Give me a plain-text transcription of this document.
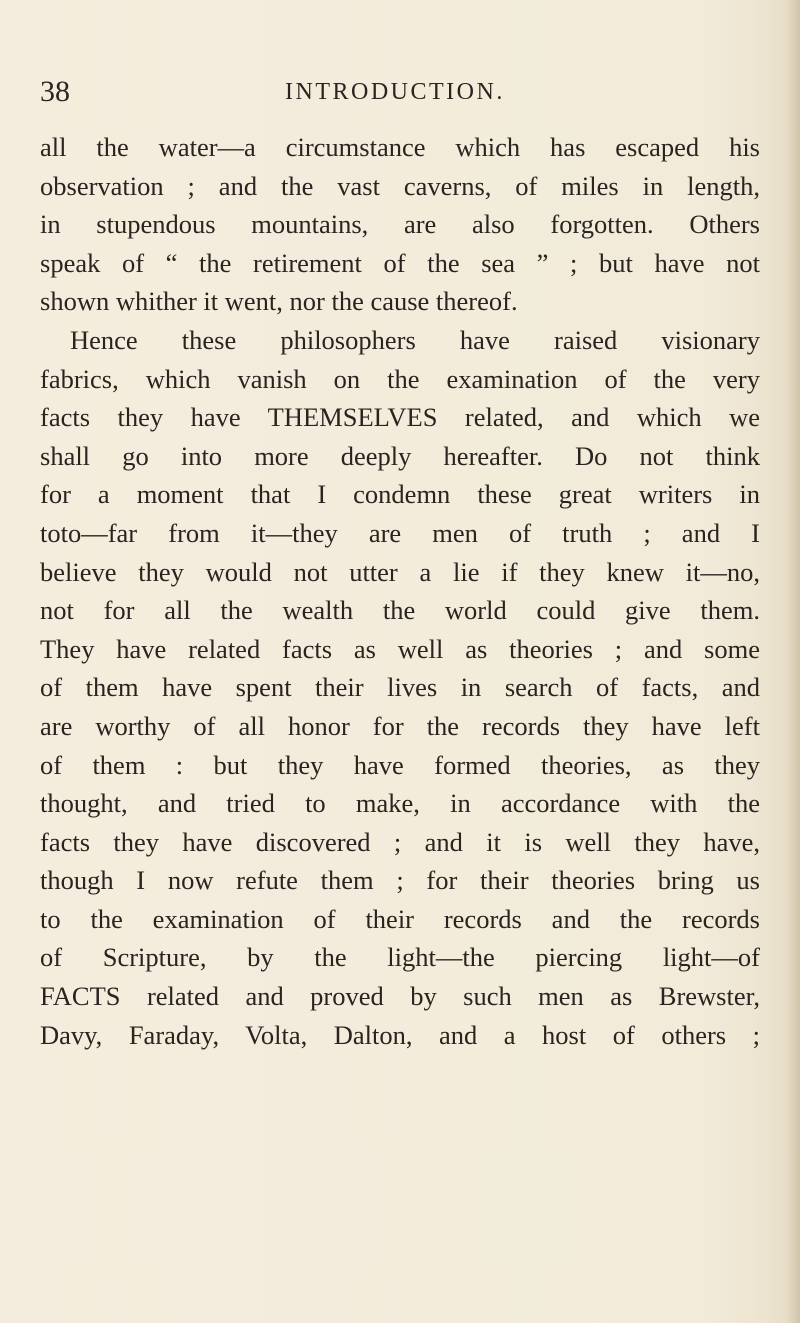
38	INTRODUCTION.
all the water—a circumstance which has escaped his
observation ; and the vast caverns, of miles in length,
in stupendous mountains, are also forgotten. Others
speak of “ the retirement of the sea ” ; but have not
shown whither it went, nor the cause thereof.
Hence these philosophers have raised visionary
fabrics, which vanish on the examination of the very
facts they have THEMSELVES related, and which we
shall go into more deeply hereafter. Do not think
for a moment that I condemn these great writers in
toto—far from it—they are men of truth ; and I
believe they would not utter a lie if they knew it—no,
not for all the wealth the world could give them.
They have related facts as well as theories ; and some
of them have spent their lives in search of facts, and
are worthy of all honor for the records they have left
of them : but they have formed theories, as they
thought, and tried to make, in accordance with the
facts they have discovered ; and it is well they have,
though I now refute them ; for their theories bring us
to the examination of their records and the records
of Scripture, by the light—the piercing light—of
FACTS related and proved by such men as Brewster,
Davy, Faraday, Volta, Dalton, and a host of others ;
